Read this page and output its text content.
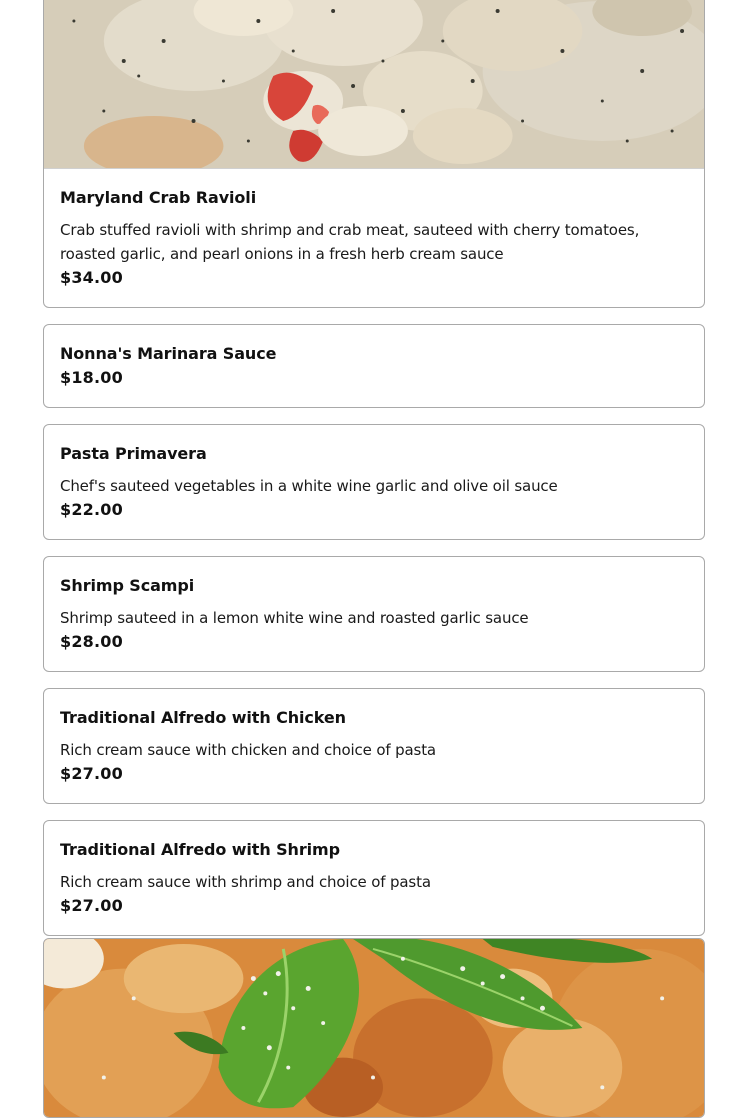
Maryland Crab Ravioli

Crab stuffed ravioli with shrimp and crab meat, sauteed with cherry tomatoes, roasted garlic, and pearl onions in a fresh herb cream sauce

$34.00

Nonna's Marinara Sauce

$18.00

Pasta Primavera

Chef's sauteed vegetables in a white wine garlic and olive oil sauce

$22.00

Shrimp Scampi

Shrimp sauteed in a lemon white wine and roasted garlic sauce

$28.00

Traditional Alfredo with Chicken

Rich cream sauce with chicken and choice of pasta

$27.00

Traditional Alfredo with Shrimp

Rich cream sauce with shrimp and choice of pasta

$27.00
